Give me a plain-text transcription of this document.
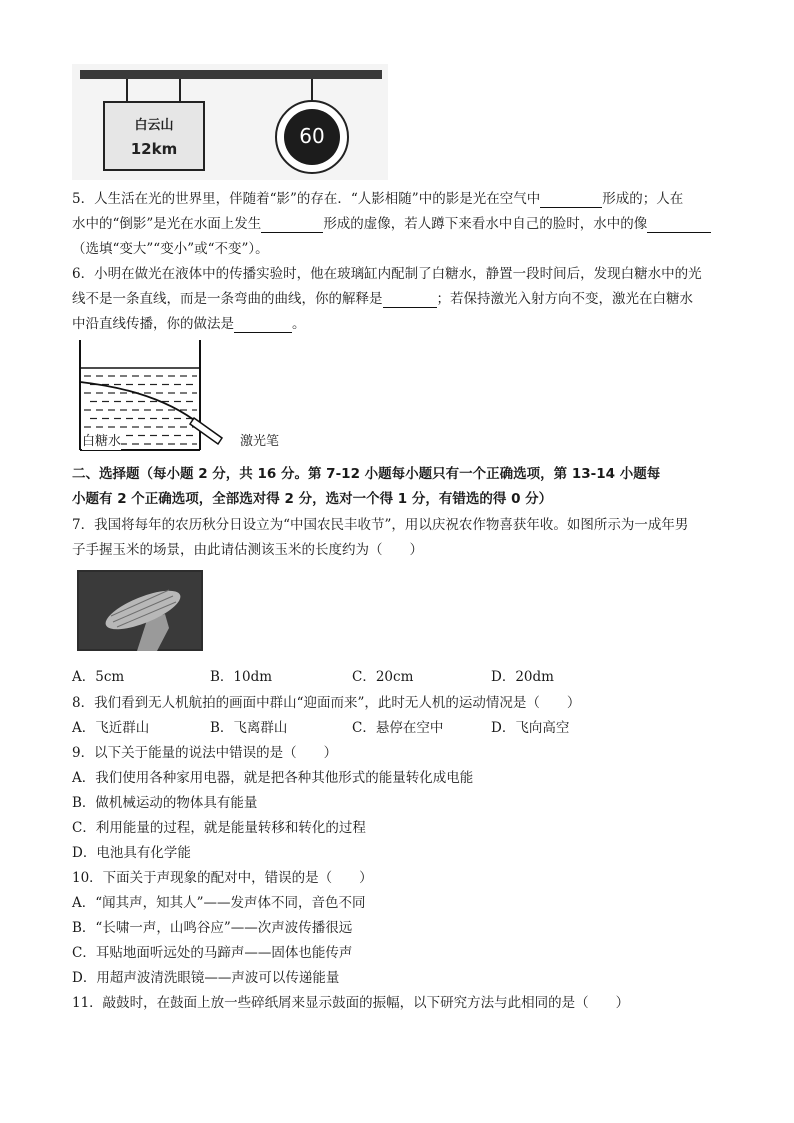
白云山
12km
60
5．人生活在光的世界里，伴随着“影”的存在．“人影相随”中的影是光在空气中	形成的；人在
水中的“倒影”是光在水面上发生	形成的虚像，若人蹲下来看水中自己的脸时，水中的像
（选填“变大”“变小”或“不变”）。
6．小明在做光在液体中的传播实验时，他在玻璃缸内配制了白糖水，静置一段时间后，发现白糖水中的光
线不是一条直线，而是一条弯曲的曲线，你的解释是	；若保持激光入射方向不变，激光在白糖水
中沿直线传播，你的做法是	。
白糖水	激光笔
二、选择题（每小题 2 分，共 16 分。第 7-12 小题每小题只有一个正确选项，第 13-14 小题每
小题有 2 个正确选项，全部选对得 2 分，选对一个得 1 分，有错选的得 0 分）
7．我国将每年的农历秋分日设立为“中国农民丰收节”，用以庆祝农作物喜获年收。如图所示为一成年男
子手握玉米的场景，由此请估测该玉米的长度约为（　　）
A．5cm	B．10dm	C．20cm	D．20dm
8．我们看到无人机航拍的画面中群山“迎面而来”，此时无人机的运动情况是（　　）
A．飞近群山	B．飞离群山	C．悬停在空中	D．飞向高空
9．以下关于能量的说法中错误的是（　　）
A．我们使用各种家用电器，就是把各种其他形式的能量转化成电能
B．做机械运动的物体具有能量
C．利用能量的过程，就是能量转移和转化的过程
D．电池具有化学能
10．下面关于声现象的配对中，错误的是（　　）
A．“闻其声，知其人”——发声体不同，音色不同
B．“长啸一声，山鸣谷应”——次声波传播很远
C．耳贴地面听远处的马蹄声——固体也能传声
D．用超声波清洗眼镜——声波可以传递能量
11．敲鼓时，在鼓面上放一些碎纸屑来显示鼓面的振幅，以下研究方法与此相同的是（　　）
